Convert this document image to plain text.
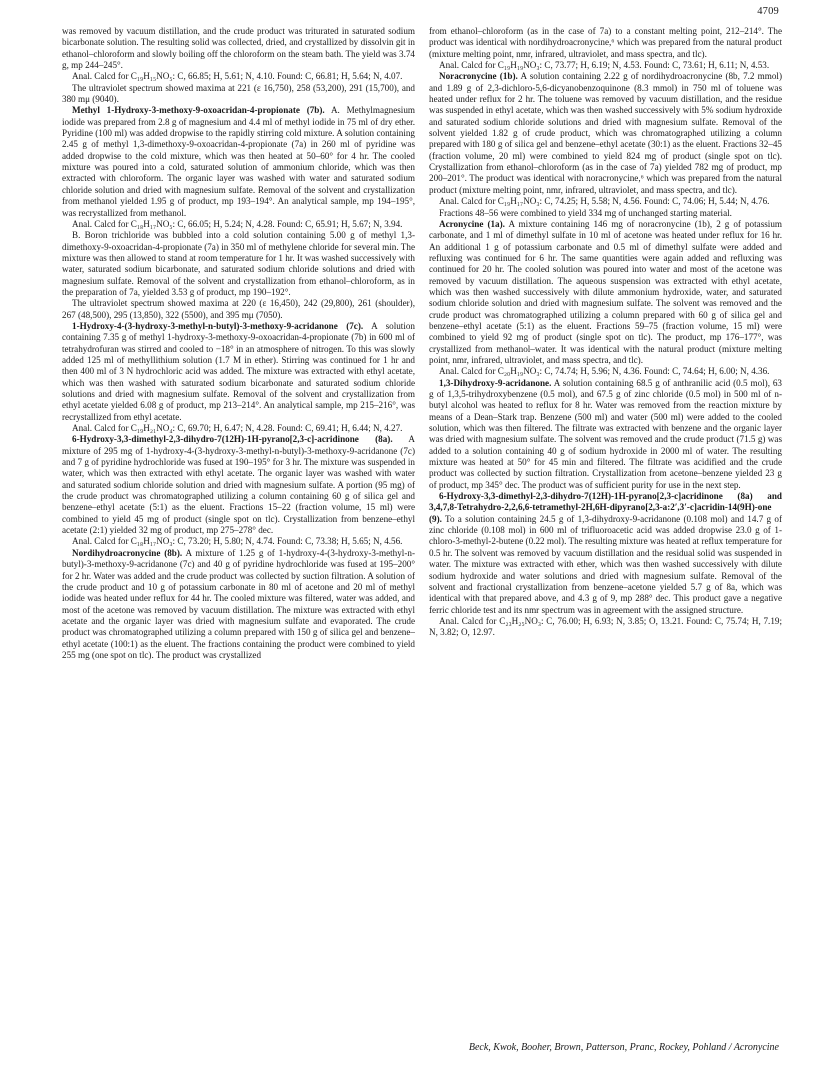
4709

was removed by vacuum distillation, and the crude product was triturated in saturated sodium bicarbonate solution. The resulting solid was collected, dried, and crystallized by dissolvin git in ethanol–chloroform and slowly boiling off the chloroform on the steam bath. The yield was 3.74 g, mp 244–245°.

Anal. Calcd for C₁₉H₁₅NO₅: C, 66.85; H, 5.61; N, 4.10. Found: C, 66.81; H, 5.64; N, 4.07.

The ultraviolet spectrum showed maxima at 221 (ε 16,750), 258 (53,200), 291 (15,700), and 380 mμ (9040).

Methyl 1-Hydroxy-3-methoxy-9-oxoacridan-4-propionate (7b). A. Methylmagnesium iodide was prepared from 2.8 g of magnesium and 4.4 ml of methyl iodide in 75 ml of dry ether. Pyridine (100 ml) was added dropwise to the rapidly stirring cold mixture. A solution containing 2.45 g of methyl 1,3-dimethoxy-9-oxoacridan-4-propionate (7a) in 260 ml of pyridine was added dropwise to the cold mixture, which was then heated at 50–60° for 4 hr. The cooled mixture was poured into a cold, saturated solution of ammonium chloride, which was then extracted with chloroform. The organic layer was washed with water and saturated sodium chloride solution and dried with magnesium sulfate. Removal of the solvent and crystallization from methanol yielded 1.95 g of product, mp 193–194°. An analytical sample, mp 194–195°, was recrystallized from methanol.

Anal. Calcd for C₁₈H₁₇NO₅: C, 66.05; H, 5.24; N, 4.28. Found: C, 65.91; H, 5.67; N, 3.94.

B. Boron trichloride was bubbled into a cold solution containing 5.00 g of methyl 1,3-dimethoxy-9-oxoacridan-4-propionate (7a) in 350 ml of methylene chloride for several min. The mixture was then allowed to stand at room temperature for 1 hr. It was washed successively with water, saturated sodium bicarbonate, and saturated sodium chloride solutions and dried with magnesium sulfate. Removal of the solvent and crystallization from ethanol–chloroform, as in the preparation of 7a, yielded 3.53 g of product, mp 190–192°.

The ultraviolet spectrum showed maxima at 220 (ε 16,450), 242 (29,800), 261 (shoulder), 267 (48,500), 295 (13,850), 322 (5500), and 395 mμ (7050).

1-Hydroxy-4-(3-hydroxy-3-methyl-n-butyl)-3-methoxy-9-acridanone (7c). A solution containing 7.35 g of methyl 1-hydroxy-3-methoxy-9-oxoacridan-4-propionate (7b) in 600 ml of tetrahydrofuran was stirred and cooled to −18° in an atmosphere of nitrogen. To this was slowly added 125 ml of methyllithium solution (1.7 M in ether). Stirring was continued for 1 hr and then 400 ml of 3 N hydrochloric acid was added. The mixture was extracted with ethyl acetate, which was then washed with saturated sodium bicarbonate and saturated sodium chloride solutions and dried with magnesium sulfate. Removal of the solvent and crystallization from ethyl acetate yielded 6.08 g of product, mp 213–214°. An analytical sample, mp 215–216°, was recrystallized from ethyl acetate.

Anal. Calcd for C₁₉H₂₁NO₄: C, 69.70; H, 6.47; N, 4.28. Found: C, 69.41; H, 6.44; N, 4.27.

6-Hydroxy-3,3-dimethyl-2,3-dihydro-7(12H)-1H-pyrano[2,3-c]-acridinone (8a). A mixture of 295 mg of 1-hydroxy-4-(3-hydroxy-3-methyl-n-butyl)-3-methoxy-9-acridanone (7c) and 7 g of pyridine hydrochloride was fused at 190–195° for 3 hr. The mixture was suspended in water, which was then extracted with ethyl acetate. The organic layer was washed with water and saturated sodium chloride solution and dried with magnesium sulfate. A portion (95 mg) of the crude product was chromatographed utilizing a column containing 60 g of silica gel and benzene–ethyl acetate (5:1) as the eluent. Fractions 15–22 (fraction volume, 15 ml) were combined to yield 45 mg of product (single spot on tlc). Crystallization from benzene–ethyl acetate (2:1) yielded 32 mg of product, mp 275–278° dec.

Anal. Calcd for C₁₈H₁₇NO₃: C, 73.20; H, 5.80; N, 4.74. Found: C, 73.38; H, 5.65; N, 4.56.

Nordihydroacronycine (8b). A mixture of 1.25 g of 1-hydroxy-4-(3-hydroxy-3-methyl-n-butyl)-3-methoxy-9-acridanone (7c) and 40 g of pyridine hydrochloride was fused at 195–200° for 2 hr. Water was added and the crude product was collected by suction filtration. A solution of the crude product and 10 g of potassium carbonate in 80 ml of acetone and 20 ml of methyl iodide was heated under reflux for 44 hr. The cooled mixture was filtered, water was added, and most of the acetone was removed by vacuum distillation. The mixture was extracted with ethyl acetate and the organic layer was dried with magnesium sulfate and evaporated. The crude product was chromatographed utilizing a column prepared with 150 g of silica gel and benzene–ethyl acetate (100:1) as the eluent. The fractions containing the product were combined to yield 255 mg (one spot on tlc). The product was crystallized

from ethanol–chloroform (as in the case of 7a) to a constant melting point, 212–214°. The product was identical with nordihydroacronycine,⁶ which was prepared from the natural product (mixture melting point, nmr, infrared, ultraviolet, and mass spectra, and tlc).

Anal. Calcd for C₁₉H₁₉NO₃: C, 73.77; H, 6.19; N, 4.53. Found: C, 73.61; H, 6.11; N, 4.53.

Noracronycine (1b). A solution containing 2.22 g of nordihydroacronycine (8b, 7.2 mmol) and 1.89 g of 2,3-dichloro-5,6-dicyanobenzoquinone (8.3 mmol) in 750 ml of toluene was heated under reflux for 2 hr. The toluene was removed by vacuum distillation, and the residue was suspended in ethyl acetate, which was then washed successively with 5% sodium hydroxide and saturated sodium chloride solutions and dried with magnesium sulfate. Removal of the solvent yielded 1.82 g of crude product, which was chromatographed utilizing a column prepared with 180 g of silica gel and benzene–ethyl acetate (30:1) as the eluent. Fractions 32–45 (fraction volume, 20 ml) were combined to yield 824 mg of product (single spot on tlc). Crystallization from ethanol–chloroform (as in the case of 7a) yielded 782 mg of product, mp 200–201°. The product was identical with noracronycine,⁶ which was prepared from the natural product (mixture melting point, nmr, infrared, ultraviolet, and mass spectra, and tlc).

Anal. Calcd for C₁₉H₁₇NO₃: C, 74.25; H, 5.58; N, 4.56. Found: C, 74.06; H, 5.44; N, 4.76.

Fractions 48–56 were combined to yield 334 mg of unchanged starting material.

Acronycine (1a). A mixture containing 146 mg of noracronycine (1b), 2 g of potassium carbonate, and 1 ml of dimethyl sulfate in 10 ml of acetone was heated under reflux for 16 hr. An additional 1 g of potassium carbonate and 0.5 ml of dimethyl sulfate were added and refluxing was continued for 6 hr. The same quantities were again added and refluxing was continued for 20 hr. The cooled solution was poured into water and most of the acetone was removed by vacuum distillation. The aqueous suspension was extracted with ethyl acetate, which was then washed successively with dilute ammonium hydroxide, water, and saturated sodium chloride solution and dried with magnesium sulfate. The solvent was removed and the crude product was chromatographed utilizing a column prepared with 60 g of silica gel and benzene–ethyl acetate (5:1) as the eluent. Fractions 59–75 (fraction volume, 15 ml) were combined to yield 92 mg of product (single spot on tlc). The product, mp 176–177°, was crystallized from methanol–water. It was identical with the natural product (mixture melting point, nmr, infrared, ultraviolet, and mass spectra, and tlc).

Anal. Calcd for C₂₀H₁₉NO₃: C, 74.74; H, 5.96; N, 4.36. Found: C, 74.64; H, 6.00; N, 4.36.

1,3-Dihydroxy-9-acridanone. A solution containing 68.5 g of anthranilic acid (0.5 mol), 63 g of 1,3,5-trihydroxybenzene (0.5 mol), and 67.5 g of zinc chloride (0.5 mol) in 500 ml of n-butyl alcohol was heated to reflux for 8 hr. Water was removed from the reaction mixture by means of a Dean–Stark trap. Benzene (500 ml) and water (500 ml) were added to the cooled solution, which was then filtered. The filtrate was extracted with benzene and the organic layer was dried with magnesium sulfate. The solvent was removed and the crude product (71.5 g) was added to a solution containing 40 g of sodium hydroxide in 2000 ml of water. The resulting mixture was heated at 50° for 45 min and filtered. The filtrate was acidified and the crude product was collected by suction filtration. Crystallization from acetone–benzene yielded 23 g of product, mp 345° dec. The product was of sufficient purity for use in the next step.

6-Hydroxy-3,3-dimethyl-2,3-dihydro-7(12H)-1H-pyrano[2,3-c]acridinone (8a) and 3,4,7,8-Tetrahydro-2,2,6,6-tetramethyl-2H,6H-dipyrano[2,3-a:2′,3′-c]acridin-14(9H)-one (9). To a solution containing 24.5 g of 1,3-dihydroxy-9-acridanone (0.108 mol) and 14.7 g of zinc chloride (0.108 mol) in 600 ml of trifluoroacetic acid was added dropwise 23.0 g of 1-chloro-3-methyl-2-butene (0.22 mol). The resulting mixture was heated at reflux temperature for 0.5 hr. The solvent was removed by vacuum distillation and the residual solid was suspended in water. The mixture was extracted with ether, which was then washed successively with dilute sodium hydroxide and water solutions and dried with magnesium sulfate. Removal of the solvent and fractional crystallization from benzene–acetone yielded 5.7 g of 8a, which was identical with that prepared above, and 4.3 g of 9, mp 288° dec. This product gave a negative ferric chloride test and its nmr spectrum was in agreement with the assigned structure.

Anal. Calcd for C₂₃H₂₅NO₃: C, 76.00; H, 6.93; N, 3.85; O, 13.21. Found: C, 75.74; H, 7.19; N, 3.82; O, 12.97.

Beck, Kwok, Booher, Brown, Patterson, Pranc, Rockey, Pohland / Acronycine
